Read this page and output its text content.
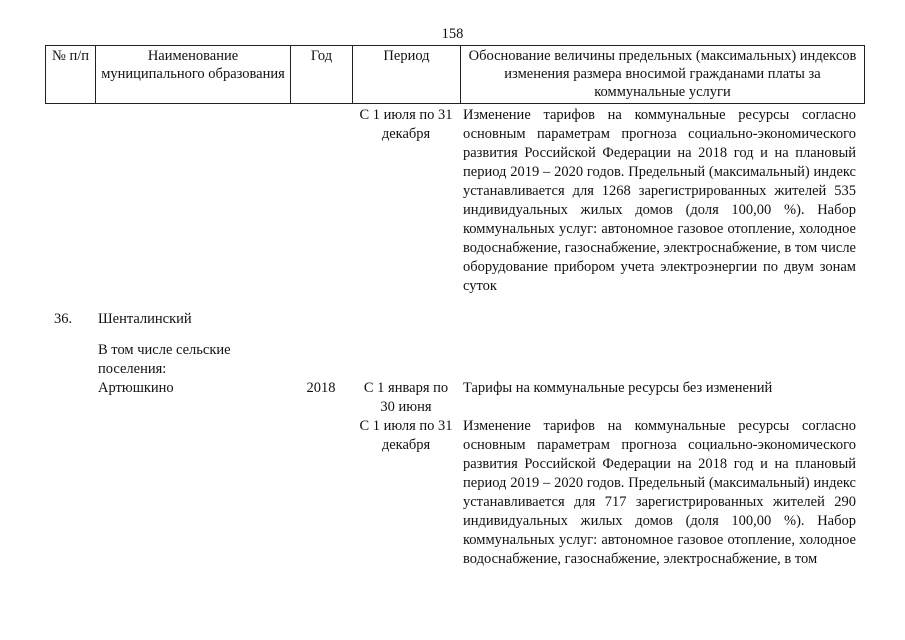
158
№ п/п	Наименование муниципального образования	Год	Период	Обоснование величины предельных (максимальных) индексов изменения размера вносимой гражданами платы за коммунальные услуги
			С 1 июля по 31 декабря	Изменение тарифов на коммунальные ресурсы согласно основным параметрам прогноза социально-экономического развития Российской Федерации на 2018 год и на плановый период 2019 – 2020 годов. Предельный (максимальный) индекс устанавливается для 1268 зарегистрированных жителей 535 индивидуальных жилых домов (доля 100,00 %). Набор коммунальных услуг: автономное газовое отопление, холодное водоснабжение, газоснабжение, электроснабжение, в том числе оборудование прибором учета электроэнергии по двум зонам суток

36.	Шенталинский			

	В том числе сельские поселения:			
	Артюшкино	2018	С 1 января по 30 июня	Тарифы на коммунальные ресурсы без изменений
			С 1 июля по 31 декабря	Изменение тарифов на коммунальные ресурсы согласно основным параметрам прогноза социально-экономического развития Российской Федерации на 2018 год и на плановый период 2019 – 2020 годов. Предельный (максимальный) индекс устанавливается для 717 зарегистрированных жителей 290 индивидуальных жилых домов (доля 100,00 %). Набор коммунальных услуг: автономное газовое отопление, холодное водоснабжение, газоснабжение, электроснабжение, в том
